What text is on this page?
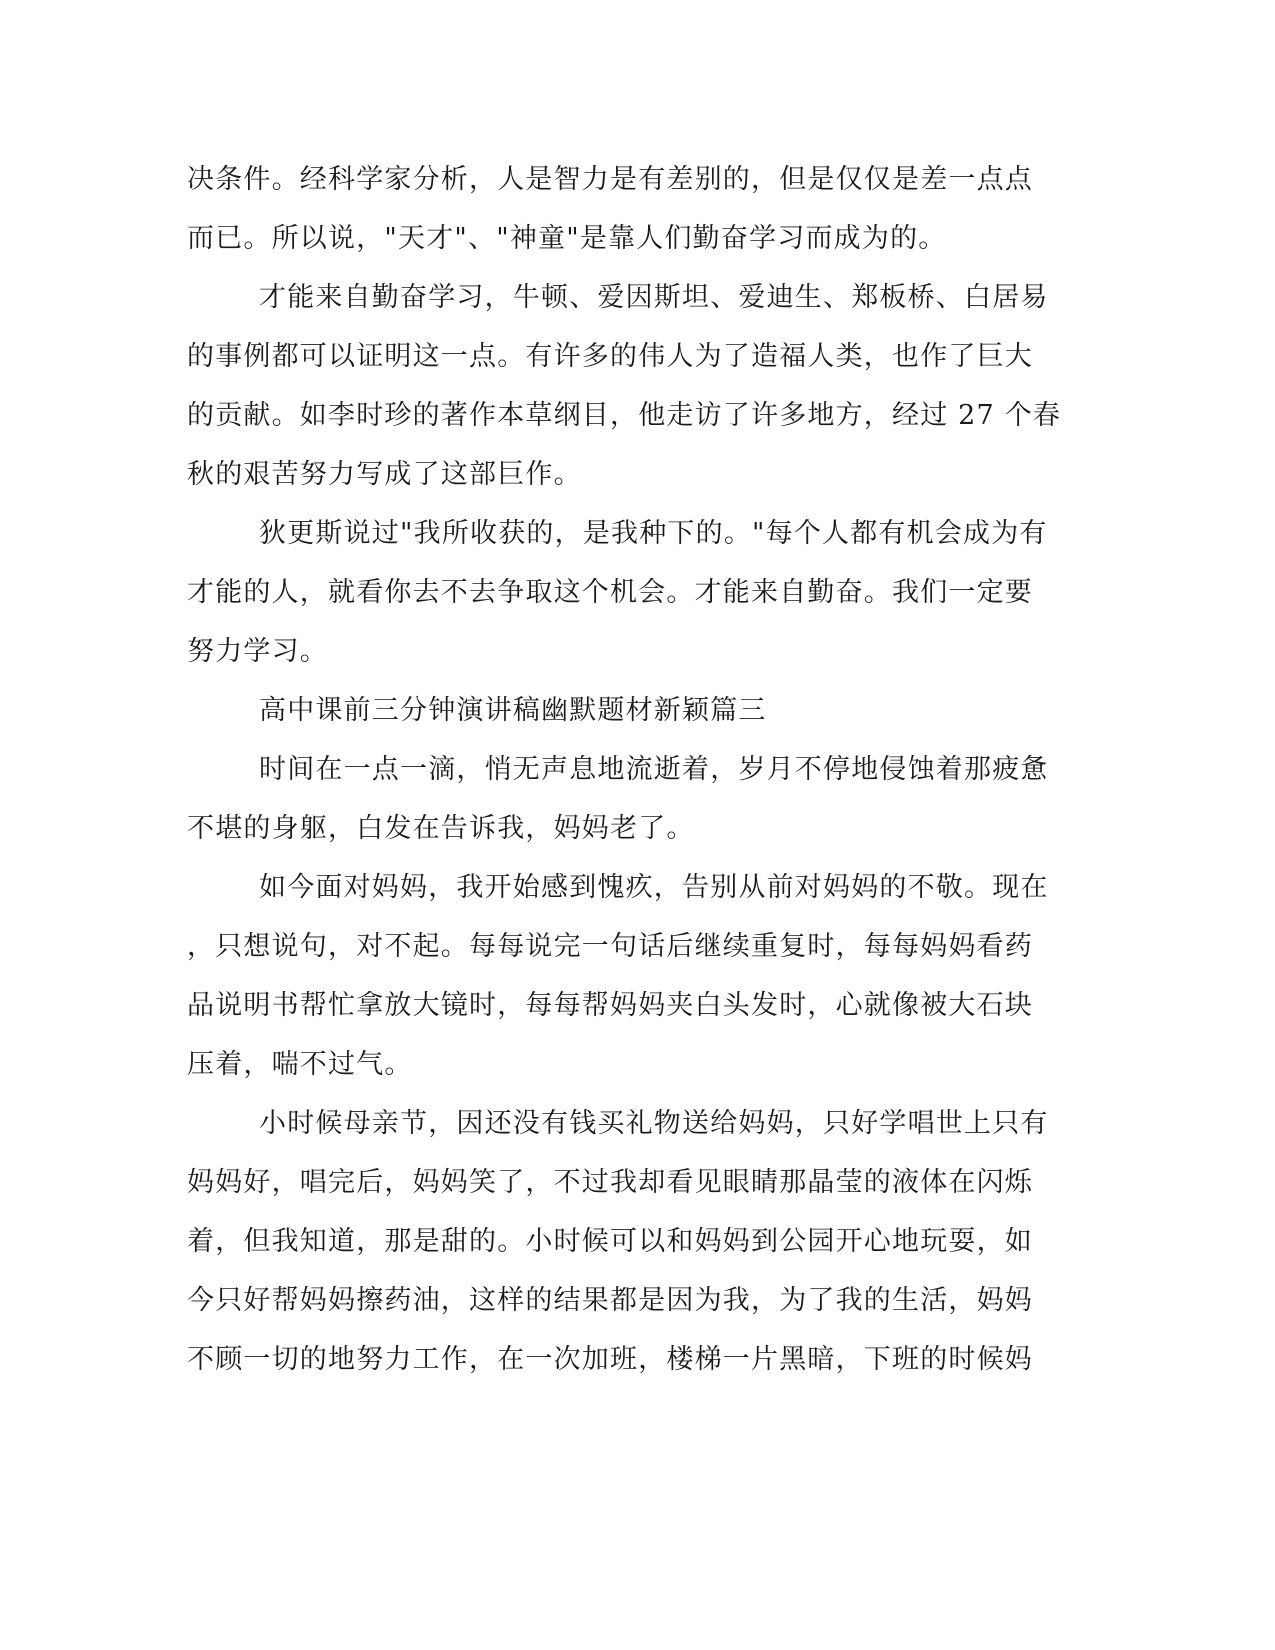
决条件。经科学家分析，人是智力是有差别的，但是仅仅是差一点点
而已。所以说，"天才"、"神童"是靠人们勤奋学习而成为的。
才能来自勤奋学习，牛顿、爱因斯坦、爱迪生、郑板桥、白居易
的事例都可以证明这一点。有许多的伟人为了造福人类，也作了巨大
的贡献。如李时珍的著作本草纲目，他走访了许多地方，经过 27 个春
秋的艰苦努力写成了这部巨作。
狄更斯说过"我所收获的，是我种下的。"每个人都有机会成为有
才能的人，就看你去不去争取这个机会。才能来自勤奋。我们一定要
努力学习。
高中课前三分钟演讲稿幽默题材新颖篇三
时间在一点一滴，悄无声息地流逝着，岁月不停地侵蚀着那疲惫
不堪的身躯，白发在告诉我，妈妈老了。
如今面对妈妈，我开始感到愧疚，告别从前对妈妈的不敬。现在
，只想说句，对不起。每每说完一句话后继续重复时，每每妈妈看药
品说明书帮忙拿放大镜时，每每帮妈妈夹白头发时，心就像被大石块
压着，喘不过气。
小时候母亲节，因还没有钱买礼物送给妈妈，只好学唱世上只有
妈妈好，唱完后，妈妈笑了，不过我却看见眼睛那晶莹的液体在闪烁
着，但我知道，那是甜的。小时候可以和妈妈到公园开心地玩耍，如
今只好帮妈妈擦药油，这样的结果都是因为我，为了我的生活，妈妈
不顾一切的地努力工作，在一次加班，楼梯一片黑暗，下班的时候妈
